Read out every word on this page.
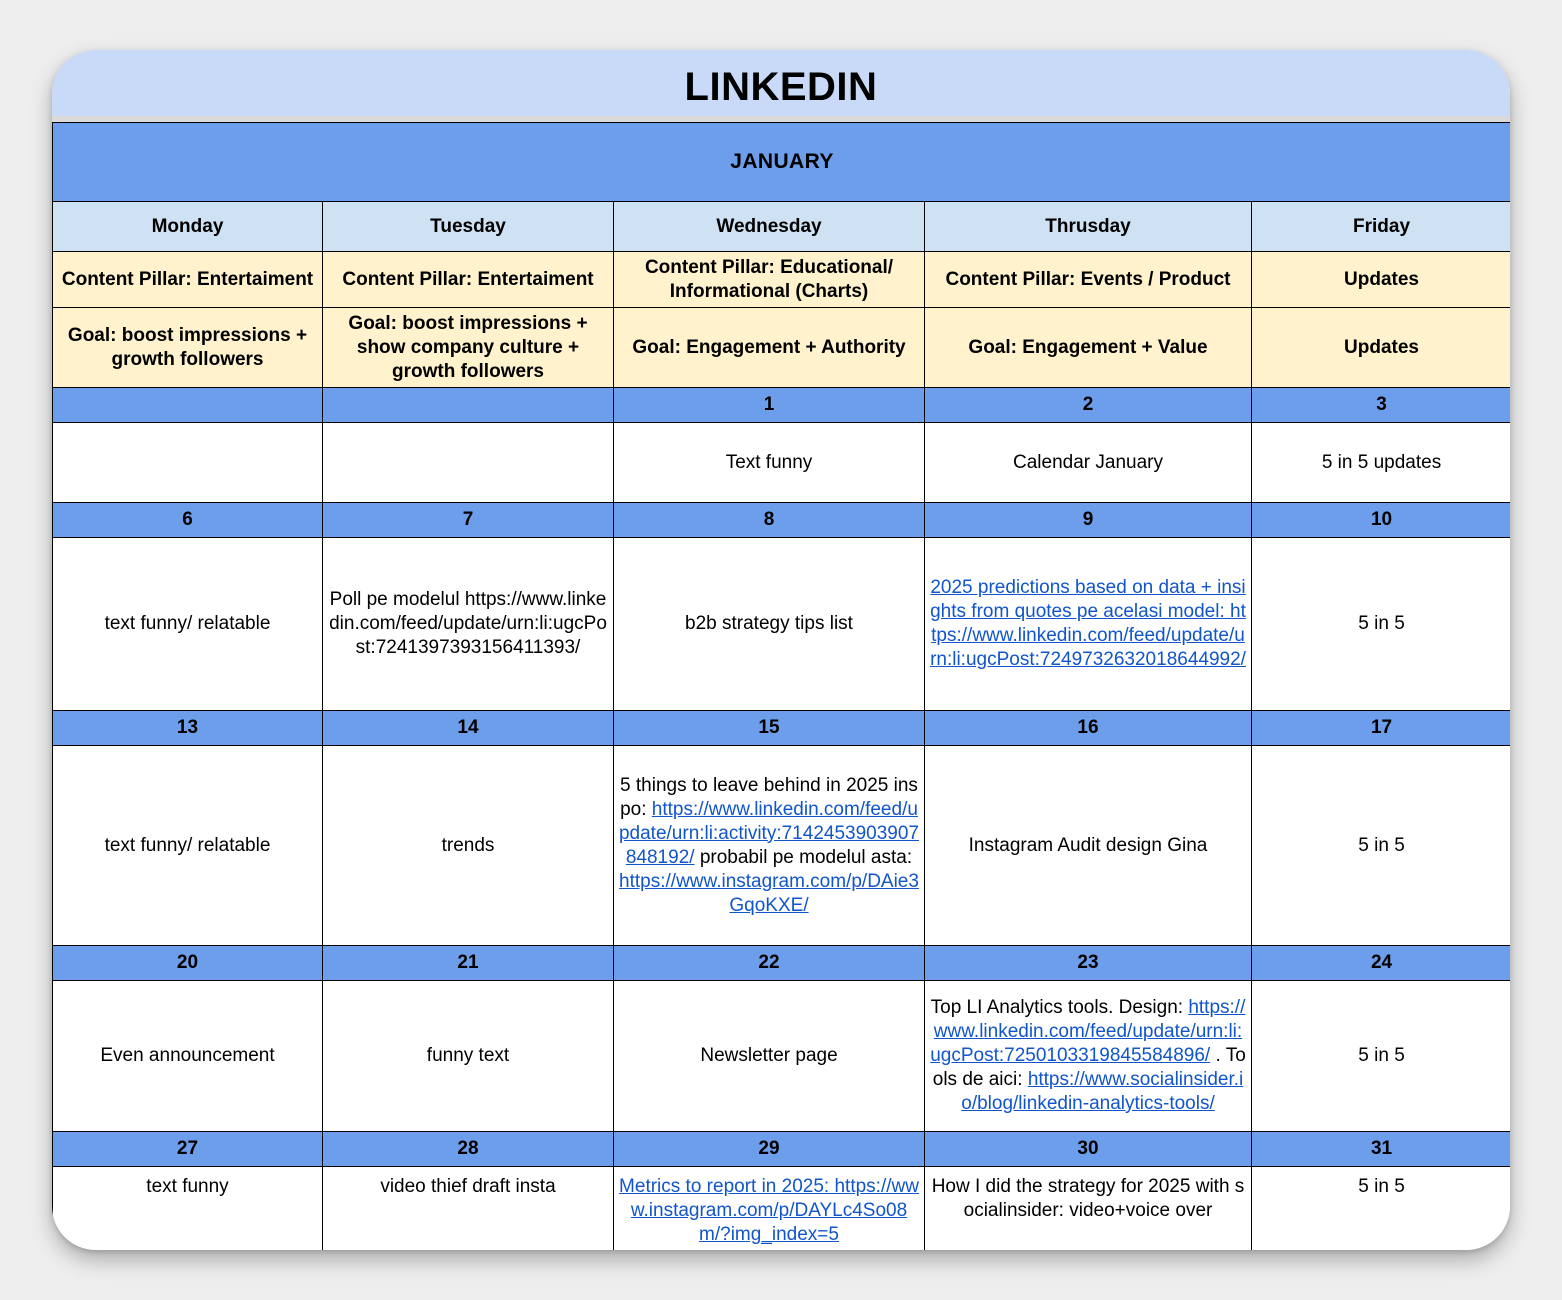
LINKEDIN
JANUARY				
Monday	Tuesday	Wednesday	Thrusday	Friday
Content Pillar: Entertaiment	Content Pillar: Entertaiment	Content Pillar: Educational/ Informational (Charts)	Content Pillar: Events / Product	Updates
Goal: boost impressions + growth followers	Goal: boost impressions + show company culture + growth followers	Goal: Engagement + Authority	Goal: Engagement + Value	Updates
		1	2	3
		Text funny	Calendar January	5 in 5 updates
6	7	8	9	10
text funny/ relatable	Poll pe modelul https://www.linkedin.com/feed/update/urn:li:ugcPost:7241397393156411393/	b2b strategy tips list	2025 predictions based on data + insights from quotes pe acelasi model: https://www.linkedin.com/feed/update/urn:li:ugcPost:7249732632018644992/	5 in 5
13	14	15	16	17
text funny/ relatable	trends	5 things to leave behind in 2025 inspo: https://www.linkedin.com/feed/update/urn:li:activity:7142453903907848192/ probabil pe modelul asta: https://www.instagram.com/p/DAie3GqoKXE/	Instagram Audit design Gina	5 in 5
20	21	22	23	24
Even announcement	funny text	Newsletter page	Top LI Analytics tools. Design: https://www.linkedin.com/feed/update/urn:li:ugcPost:7250103319845584896/ . Tools de aici: https://www.socialinsider.io/blog/linkedin-analytics-tools/	5 in 5
27	28	29	30	31
text funny	video thief draft insta	Metrics to report in 2025: https://www.instagram.com/p/DAYLc4So08m/?img_index=5	How I did the strategy for 2025 with socialinsider: video+voice over	5 in 5
